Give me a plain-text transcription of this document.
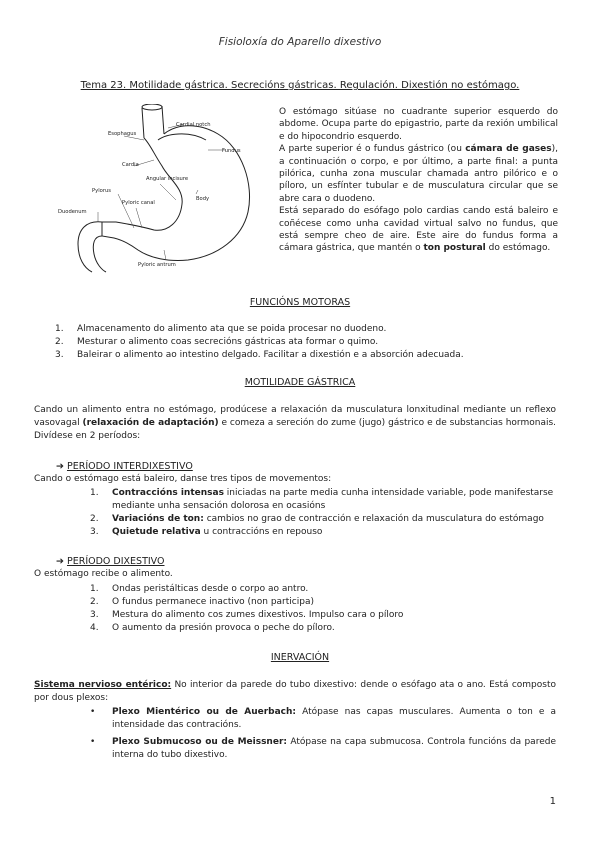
Fisioloxía do Aparello dixestivo
Tema 23. Motilidade gástrica. Secrecións gástricas. Regulación. Dixestión no estómago.
Cardial notch
Esophagus
Fundus
Cardia
Angular incisure
Pylorus
Pyloric canal
Body
Duodenum
Pyloric antrum

O estómago sitúase no cuadrante superior esquerdo do abdome. Ocupa parte do epigastrio, parte da rexión umbilical e do hipocondrio esquerdo.

A parte superior é o fundus gástrico (ou cámara de gases), a continuación o corpo, e por último, a parte final: a punta pilórica, cunha zona muscular chamada antro pilórico e o píloro, un esfínter tubular e de musculatura circular que se abre cara o duodeno.

Está separado do esófago polo cardias cando está baleiro e coñécese como unha cavidad virtual salvo no fundus, que está sempre cheo de aire. Este aire do fundus forma a cámara gástrica, que mantén o ton postural do estómago.

FUNCIÓNS MOTORAS
1.	Almacenamento do alimento ata que se poida procesar no duodeno.
2.	Mesturar o alimento coas secrecións gástricas ata formar o quimo.
3.	Baleirar o alimento ao intestino delgado. Facilitar a dixestión e a absorción adecuada.
MOTILIDADE GÁSTRICA
Cando un alimento entra no estómago, prodúcese a relaxación da musculatura lonxitudinal mediante un reflexo vasovagal (relaxación de adaptación) e comeza a sereción do zume (jugo) gástrico e de substancias hormonais. Divídese en 2 períodos:
➔ PERÍODO INTERDIXESTIVO
Cando o estómago está baleiro, danse tres tipos de movementos:
1.	Contraccións intensas iniciadas na parte media cunha intensidade variable, pode manifestarse mediante unha sensación dolorosa en ocasións
2.	Variacións de ton: cambios no grao de contracción e relaxación da musculatura do estómago
3.	Quietude relativa u contraccións en repouso
➔ PERÍODO DIXESTIVO
O estómago recibe o alimento.
1.	Ondas peristálticas desde o corpo ao antro.
2.	O fundus permanece inactivo (non participa)
3.	Mestura do alimento cos zumes dixestivos. Impulso cara o píloro
4.	O aumento da presión provoca o peche do píloro.
INERVACIÓN
Sistema nervioso entérico: No interior da parede do tubo dixestivo: dende o esófago ata o ano. Está composto por dous plexos:
•	Plexo Mientérico ou de Auerbach: Atópase nas capas musculares. Aumenta o ton e a intensidade das contracións.
•	Plexo Submucoso ou de Meissner: Atópase na capa submucosa. Controla funcións da parede interna do tubo dixestivo.
1
